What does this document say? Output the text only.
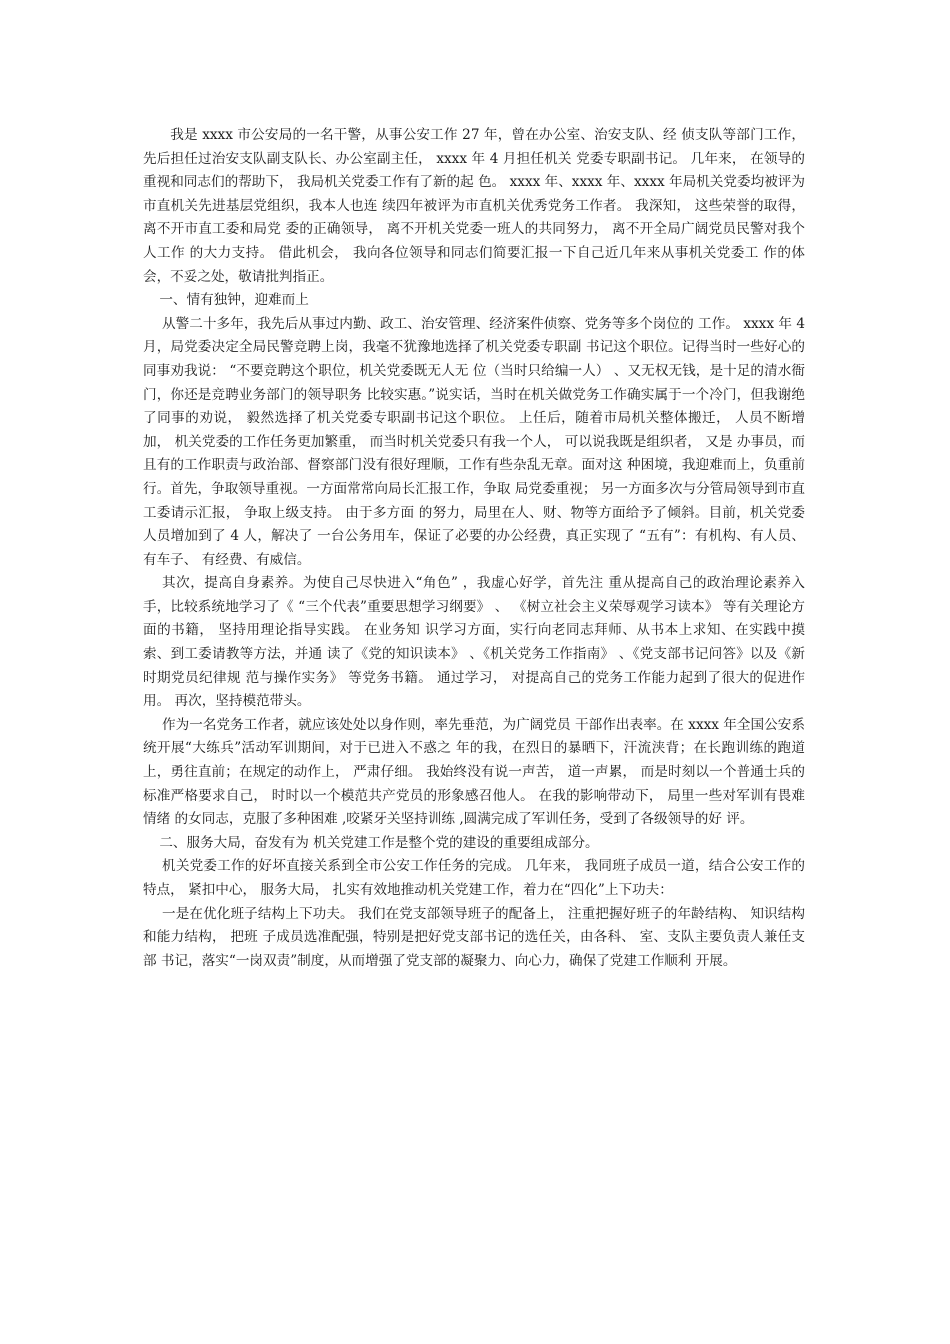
我是 xxxx 市公安局的一名干警，从事公安工作 27 年，曾在办公室、治安支队、经 侦支队等部门工作，先后担任过治安支队副支队长、办公室副主任， xxxx 年 4 月担任机关 党委专职副书记。 几年来， 在领导的重视和同志们的帮助下， 我局机关党委工作有了新的起 色。 xxxx 年、xxxx 年、xxxx 年局机关党委均被评为市直机关先进基层党组织，我本人也连 续四年被评为市直机关优秀党务工作者。 我深知， 这些荣誉的取得， 离不开市直工委和局党 委的正确领导， 离不开机关党委一班人的共同努力， 离不开全局广阔党员民警对我个人工作 的大力支持。 借此机会， 我向各位领导和同志们简要汇报一下自己近几年来从事机关党委工 作的体会，不妥之处，敬请批判指正。

一、情有独钟，迎难而上

从警二十多年，我先后从事过内勤、政工、治安管理、经济案件侦察、党务等多个岗位的 工作。 xxxx 年 4 月，局党委决定全局民警竞聘上岗，我毫不犹豫地选择了机关党委专职副 书记这个职位。记得当时一些好心的同事劝我说： “不要竞聘这个职位，机关党委既无人无 位（当时只给编一人） 、又无权无钱，是十足的清水衙门，你还是竞聘业务部门的领导职务 比较实惠。”说实话，当时在机关做党务工作确实属于一个冷门，但我谢绝了同事的劝说， 毅然选择了机关党委专职副书记这个职位。 上任后，随着市局机关整体搬迁， 人员不断增加， 机关党委的工作任务更加繁重， 而当时机关党委只有我一个人， 可以说我既是组织者， 又是 办事员，而且有的工作职责与政治部、督察部门没有很好理顺，工作有些杂乱无章。面对这 种困境，我迎难而上，负重前行。首先，争取领导重视。一方面常常向局长汇报工作，争取 局党委重视； 另一方面多次与分管局领导到市直工委请示汇报， 争取上级支持。 由于多方面 的努力，局里在人、财、物等方面给予了倾斜。目前，机关党委人员增加到了 4 人，解决了 一台公务用车，保证了必要的办公经费，真正实现了 “五有”：有机构、有人员、有车子、 有经费、有威信。

其次，提高自身素养。为使自己尽快进入“角色” ，我虚心好学，首先注 重从提高自己的政治理论素养入手，比较系统地学习了《 “三个代表”重要思想学习纲要》 、 《树立社会主义荣辱观学习读本》 等有关理论方面的书籍， 坚持用理论指导实践。 在业务知 识学习方面，实行向老同志拜师、从书本上求知、在实践中摸索、到工委请教等方法，并通 读了《党的知识读本》 、《机关党务工作指南》 、《党支部书记问答》以及《新时期党员纪律规 范与操作实务》 等党务书籍。 通过学习， 对提高自己的党务工作能力起到了很大的促进作用。 再次，坚持模范带头。

作为一名党务工作者，就应该处处以身作则，率先垂范，为广阔党员 干部作出表率。在 xxxx 年全国公安系统开展“大练兵”活动军训期间，对于已进入不惑之 年的我，在烈日的暴晒下，汗流浃背；在长跑训练的跑道上，勇往直前；在规定的动作上， 严肃仔细。 我始终没有说一声苦， 道一声累， 而是时刻以一个普通士兵的标准严格要求自己， 时时以一个模范共产党员的形象感召他人。 在我的影响带动下， 局里一些对军训有畏难情绪 的女同志，克服了多种困难 ,咬紧牙关坚持训练 ,圆满完成了军训任务，受到了各级领导的好 评。

二、服务大局，奋发有为 机关党建工作是整个党的建设的重要组成部分。

机关党委工作的好坏直接关系到全市公安工作任务的完成。 几年来， 我同班子成员一道，结合公安工作的特点， 紧扣中心， 服务大局， 扎实有效地推动机关党建工作，着力在“四化”上下功夫：

一是在优化班子结构上下功夫。 我们在党支部领导班子的配备上， 注重把握好班子的年龄结构、 知识结构和能力结构， 把班 子成员选准配强，特别是把好党支部书记的选任关，由各科、 室、支队主要负责人兼任支部 书记，落实“一岗双责”制度，从而增强了党支部的凝聚力、向心力，确保了党建工作顺利 开展。
